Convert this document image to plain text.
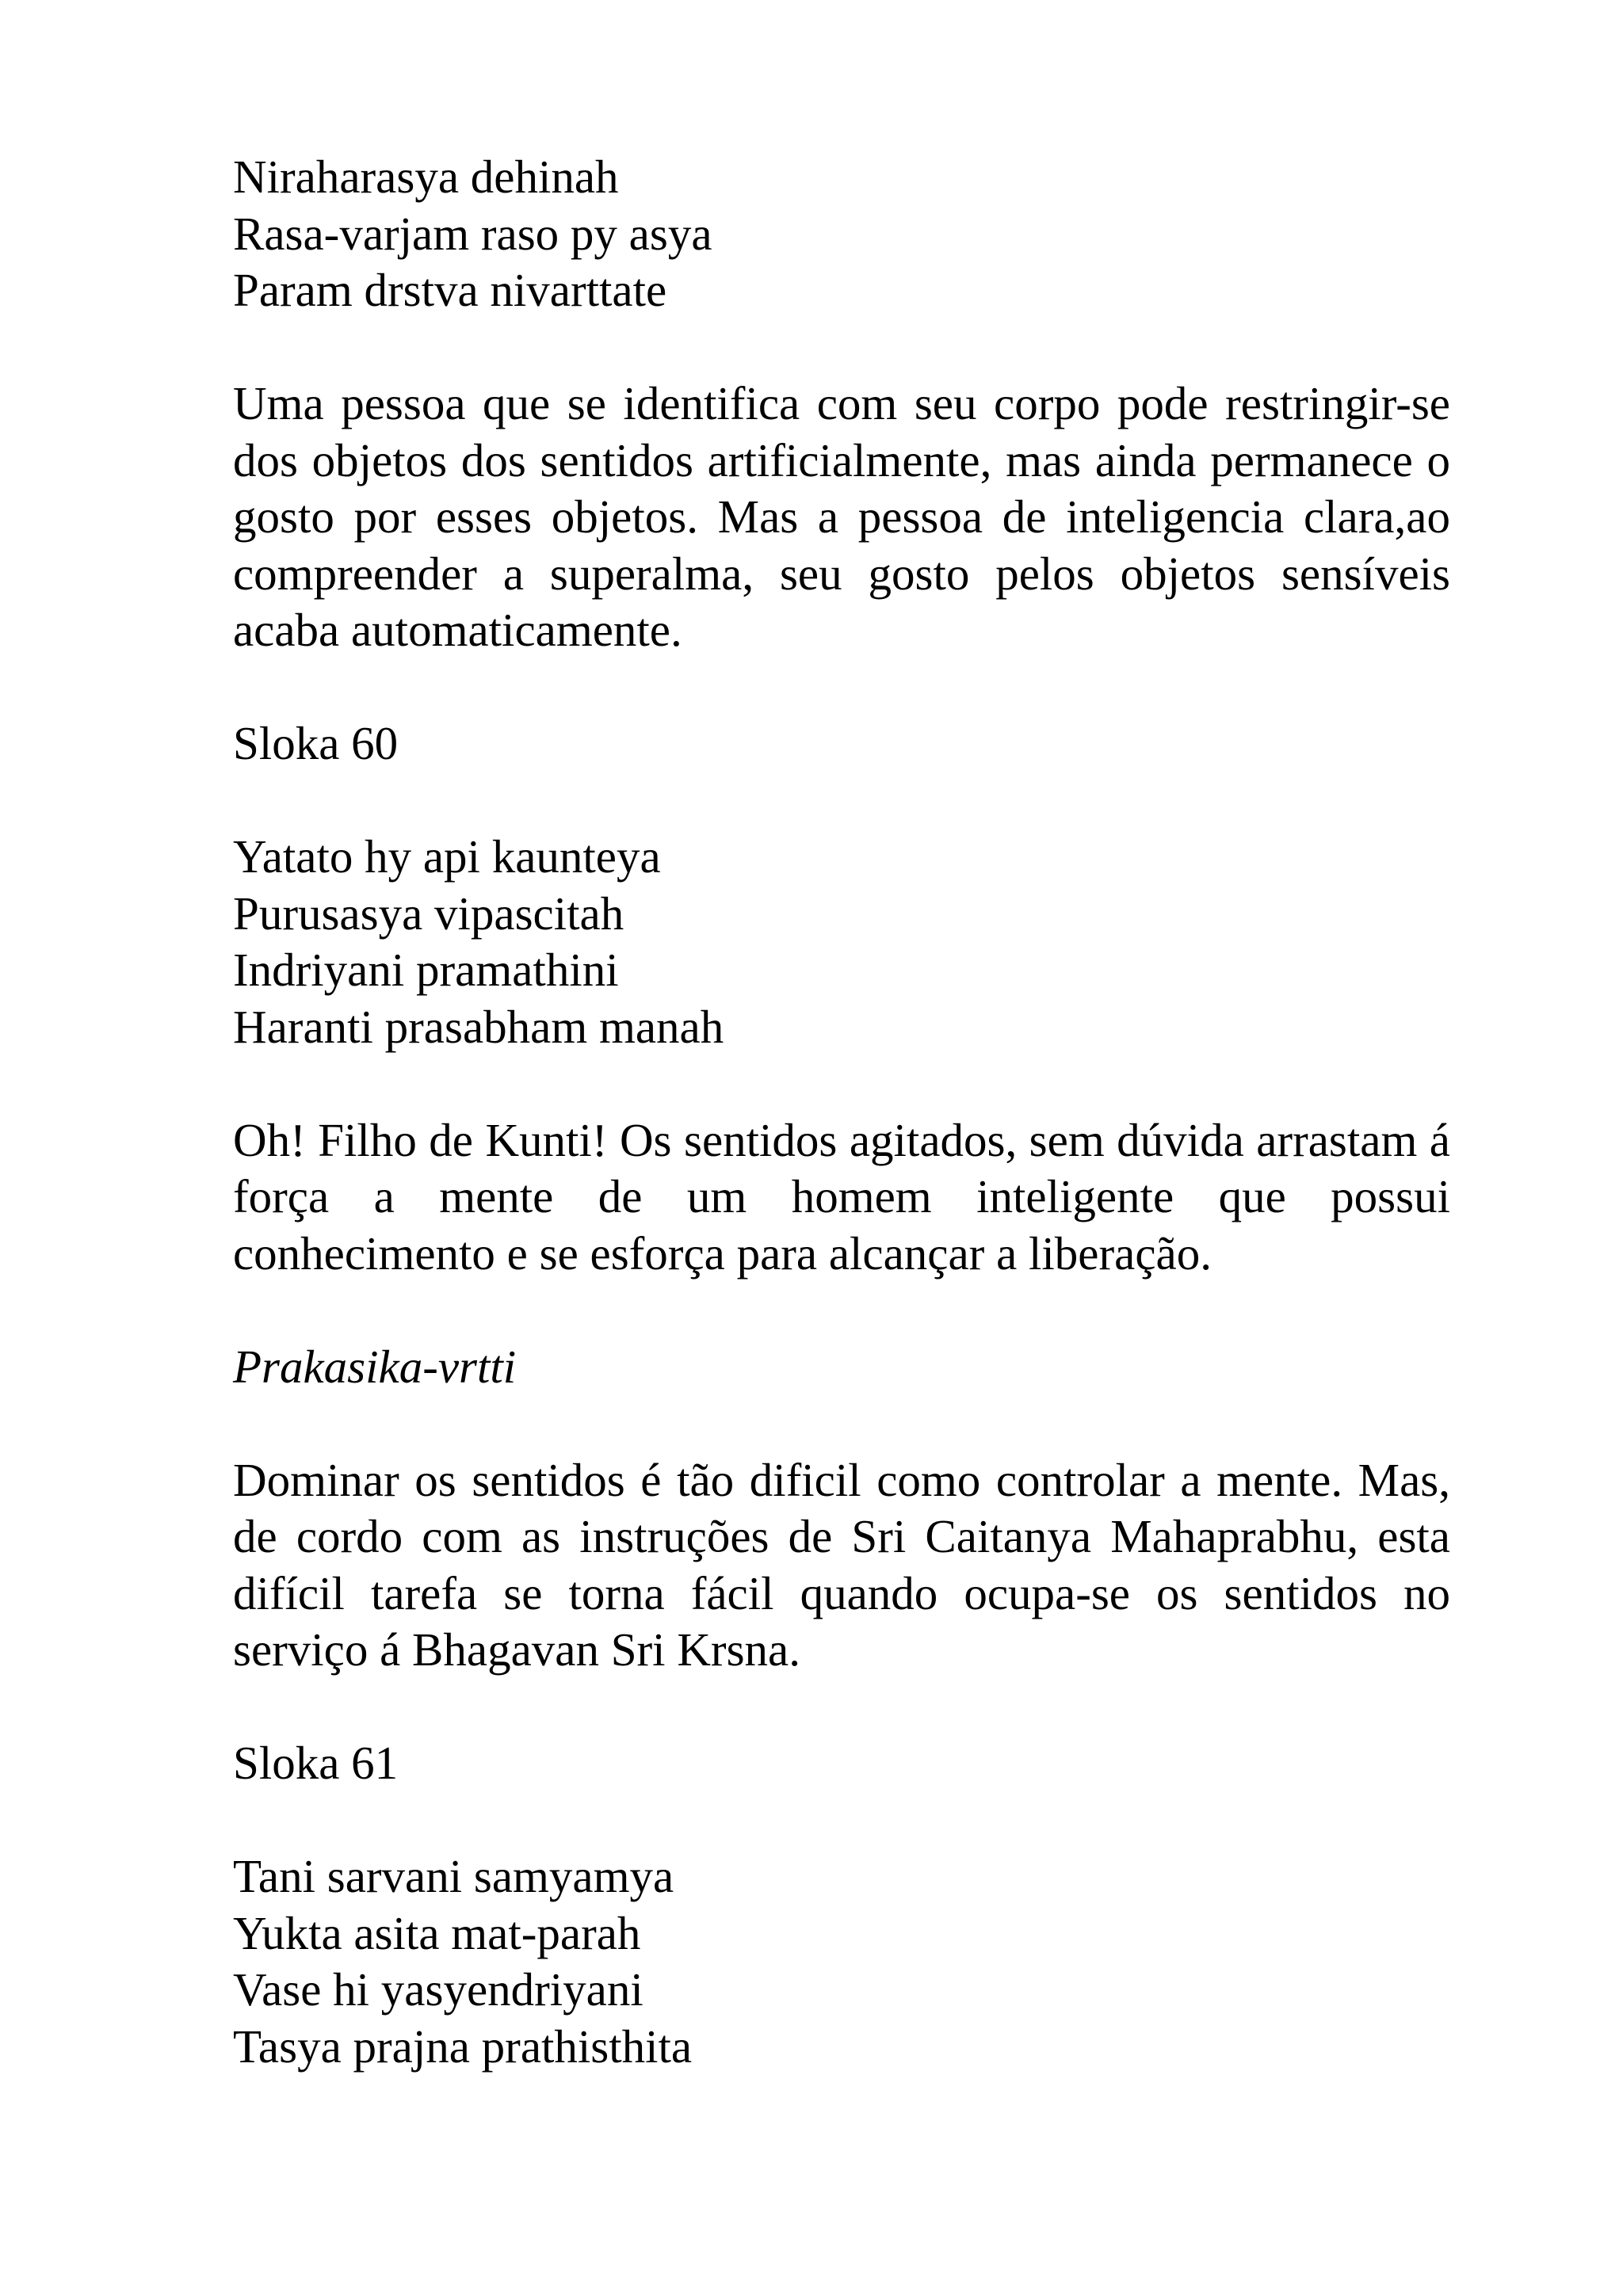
Niraharasya dehinah
Rasa-varjam raso py asya
Param drstva nivarttate

Uma pessoa que se identifica com seu corpo pode restringir-se dos objetos dos sentidos artificialmente, mas ainda permanece o gosto por esses objetos. Mas a pessoa de inteligencia clara,ao compreender a superalma, seu gosto pelos objetos sensíveis acaba automaticamente.

Sloka 60

Yatato hy api kaunteya
Purusasya vipascitah
Indriyani pramathini
Haranti prasabham manah

Oh! Filho de Kunti! Os sentidos agitados, sem dúvida arrastam á força a mente de um homem inteligente que possui conhecimento e se esforça para alcançar a liberação.

Prakasika-vrtti

Dominar os sentidos é tão dificil como controlar a mente. Mas, de cordo com as instruções de Sri Caitanya Mahaprabhu, esta difícil tarefa se torna fácil quando ocupa-se os sentidos no serviço á Bhagavan Sri Krsna.

Sloka 61

Tani sarvani samyamya
Yukta asita mat-parah
Vase hi yasyendriyani
Tasya prajna prathisthita
